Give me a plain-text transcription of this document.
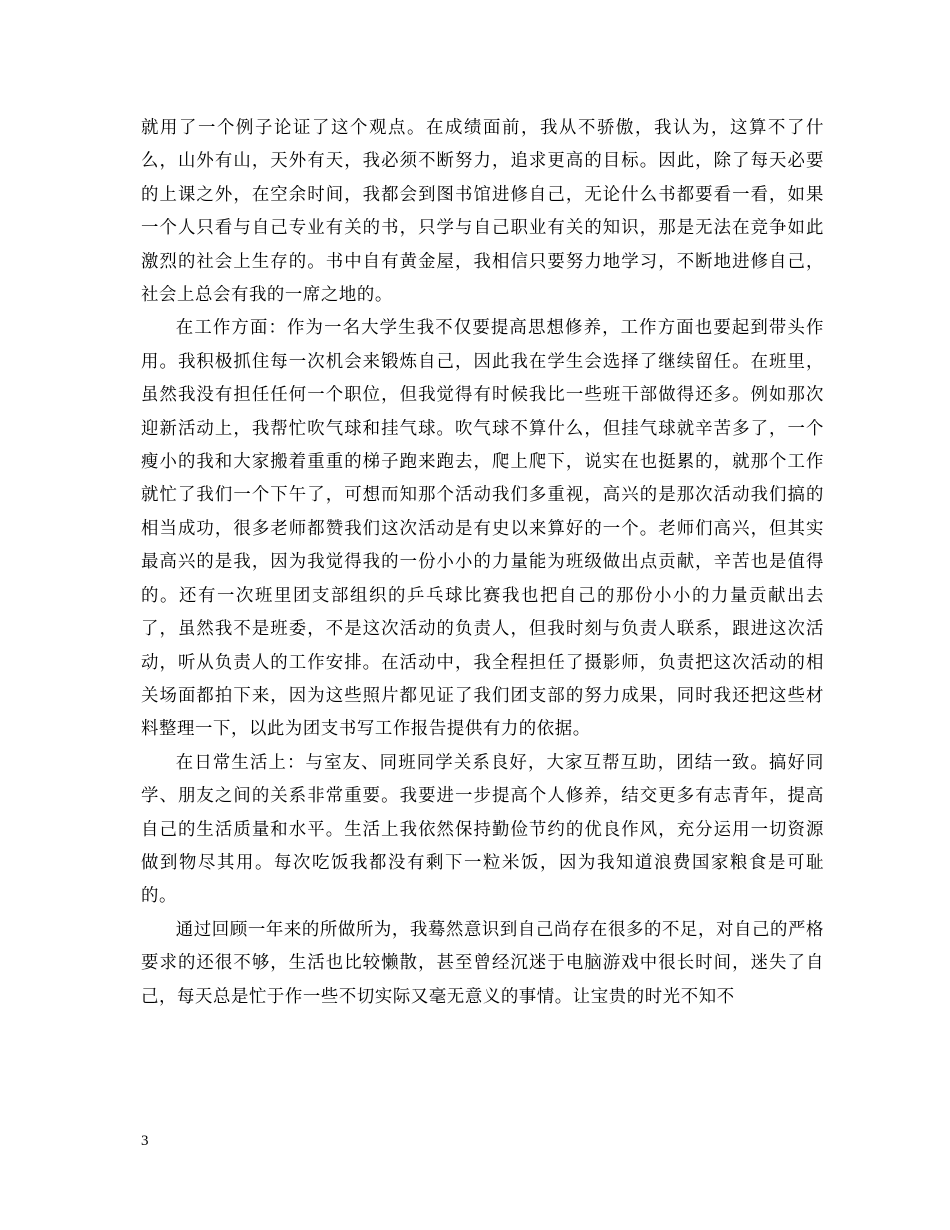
就用了一个例子论证了这个观点。在成绩面前，我从不骄傲，我认为，这算不了什么，山外有山，天外有天，我必须不断努力，追求更高的目标。因此，除了每天必要的上课之外，在空余时间，我都会到图书馆进修自己，无论什么书都要看一看，如果一个人只看与自己专业有关的书，只学与自己职业有关的知识，那是无法在竞争如此激烈的社会上生存的。书中自有黄金屋，我相信只要努力地学习，不断地进修自己，社会上总会有我的一席之地的。

在工作方面：作为一名大学生我不仅要提高思想修养，工作方面也要起到带头作用。我积极抓住每一次机会来锻炼自己，因此我在学生会选择了继续留任。在班里，虽然我没有担任任何一个职位，但我觉得有时候我比一些班干部做得还多。例如那次迎新活动上，我帮忙吹气球和挂气球。吹气球不算什么，但挂气球就辛苦多了，一个瘦小的我和大家搬着重重的梯子跑来跑去，爬上爬下，说实在也挺累的，就那个工作就忙了我们一个下午了，可想而知那个活动我们多重视，高兴的是那次活动我们搞的相当成功，很多老师都赞我们这次活动是有史以来算好的一个。老师们高兴，但其实最高兴的是我，因为我觉得我的一份小小的力量能为班级做出点贡献，辛苦也是值得的。还有一次班里团支部组织的乒乓球比赛我也把自己的那份小小的力量贡献出去了，虽然我不是班委，不是这次活动的负责人，但我时刻与负责人联系，跟进这次活动，听从负责人的工作安排。在活动中，我全程担任了摄影师，负责把这次活动的相关场面都拍下来，因为这些照片都见证了我们团支部的努力成果，同时我还把这些材料整理一下，以此为团支书写工作报告提供有力的依据。

在日常生活上：与室友、同班同学关系良好，大家互帮互助，团结一致。搞好同学、朋友之间的关系非常重要。我要进一步提高个人修养，结交更多有志青年，提高自己的生活质量和水平。生活上我依然保持勤俭节约的优良作风，充分运用一切资源做到物尽其用。每次吃饭我都没有剩下一粒米饭，因为我知道浪费国家粮食是可耻的。

通过回顾一年来的所做所为，我蓦然意识到自己尚存在很多的不足，对自己的严格要求的还很不够，生活也比较懒散，甚至曾经沉迷于电脑游戏中很长时间，迷失了自己，每天总是忙于作一些不切实际又毫无意义的事情。让宝贵的时光不知不

3
